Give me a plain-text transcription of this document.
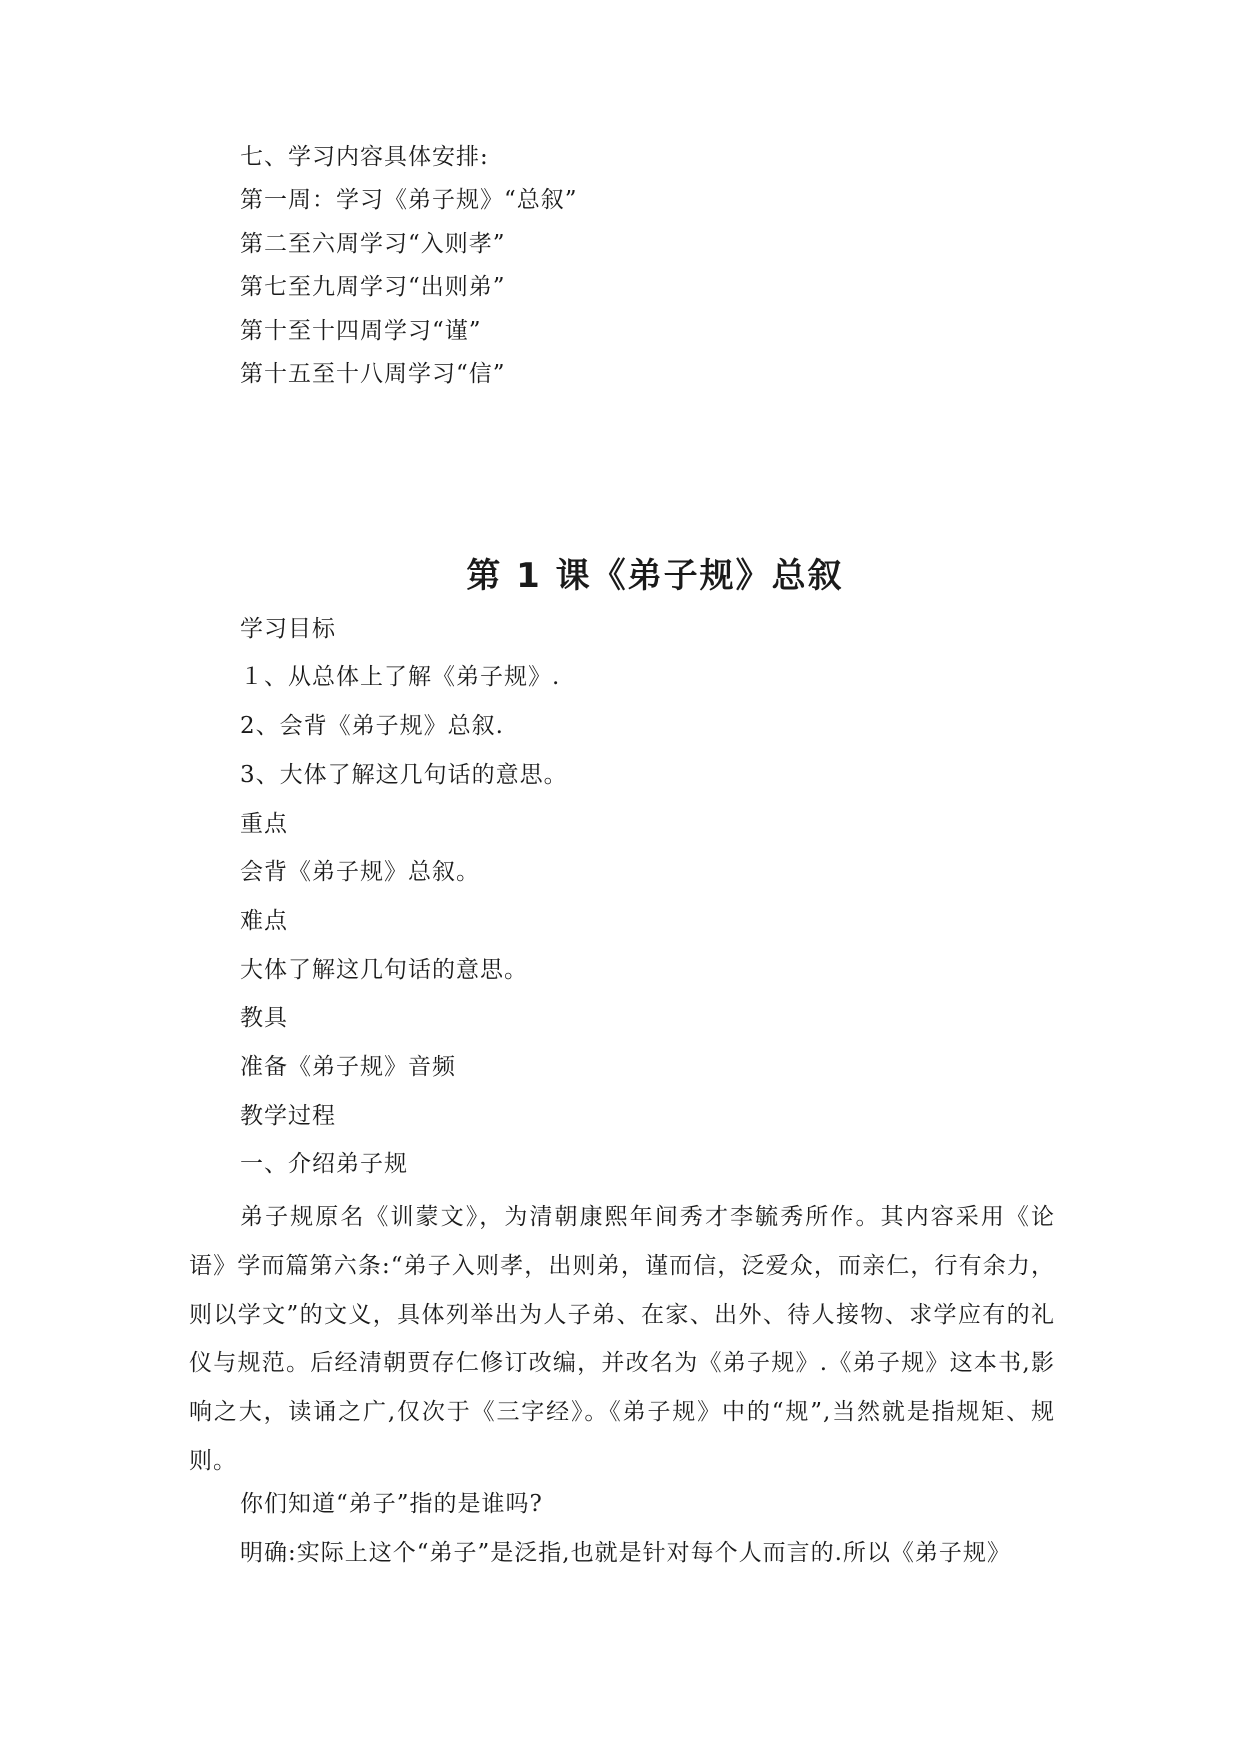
七、学习内容具体安排:
第一周：学习《弟子规》“总叙”
第二至六周学习“入则孝”
第七至九周学习“出则弟”
第十至十四周学习“谨”
第十五至十八周学习“信”
第 1 课《弟子规》总叙
学习目标
１、从总体上了解《弟子规》.
2、会背《弟子规》总叙.
3、大体了解这几句话的意思。
重点
会背《弟子规》总叙。
难点
大体了解这几句话的意思。
教具
准备《弟子规》音频
教学过程
一、介绍弟子规
弟子规原名《训蒙文》，为清朝康熙年间秀才李毓秀所作。其内容采用《论语》学而篇第六条:“弟子入则孝，出则弟，谨而信，泛爱众，而亲仁，行有余力，则以学文”的文义，具体列举出为人子弟、在家、出外、待人接物、求学应有的礼仪与规范。后经清朝贾存仁修订改编，并改名为《弟子规》.《弟子规》这本书,影响之大，读诵之广,仅次于《三字经》。《弟子规》中的“规”,当然就是指规矩、规则。
你们知道“弟子”指的是谁吗?
明确:实际上这个“弟子”是泛指,也就是针对每个人而言的.所以《弟子规》
